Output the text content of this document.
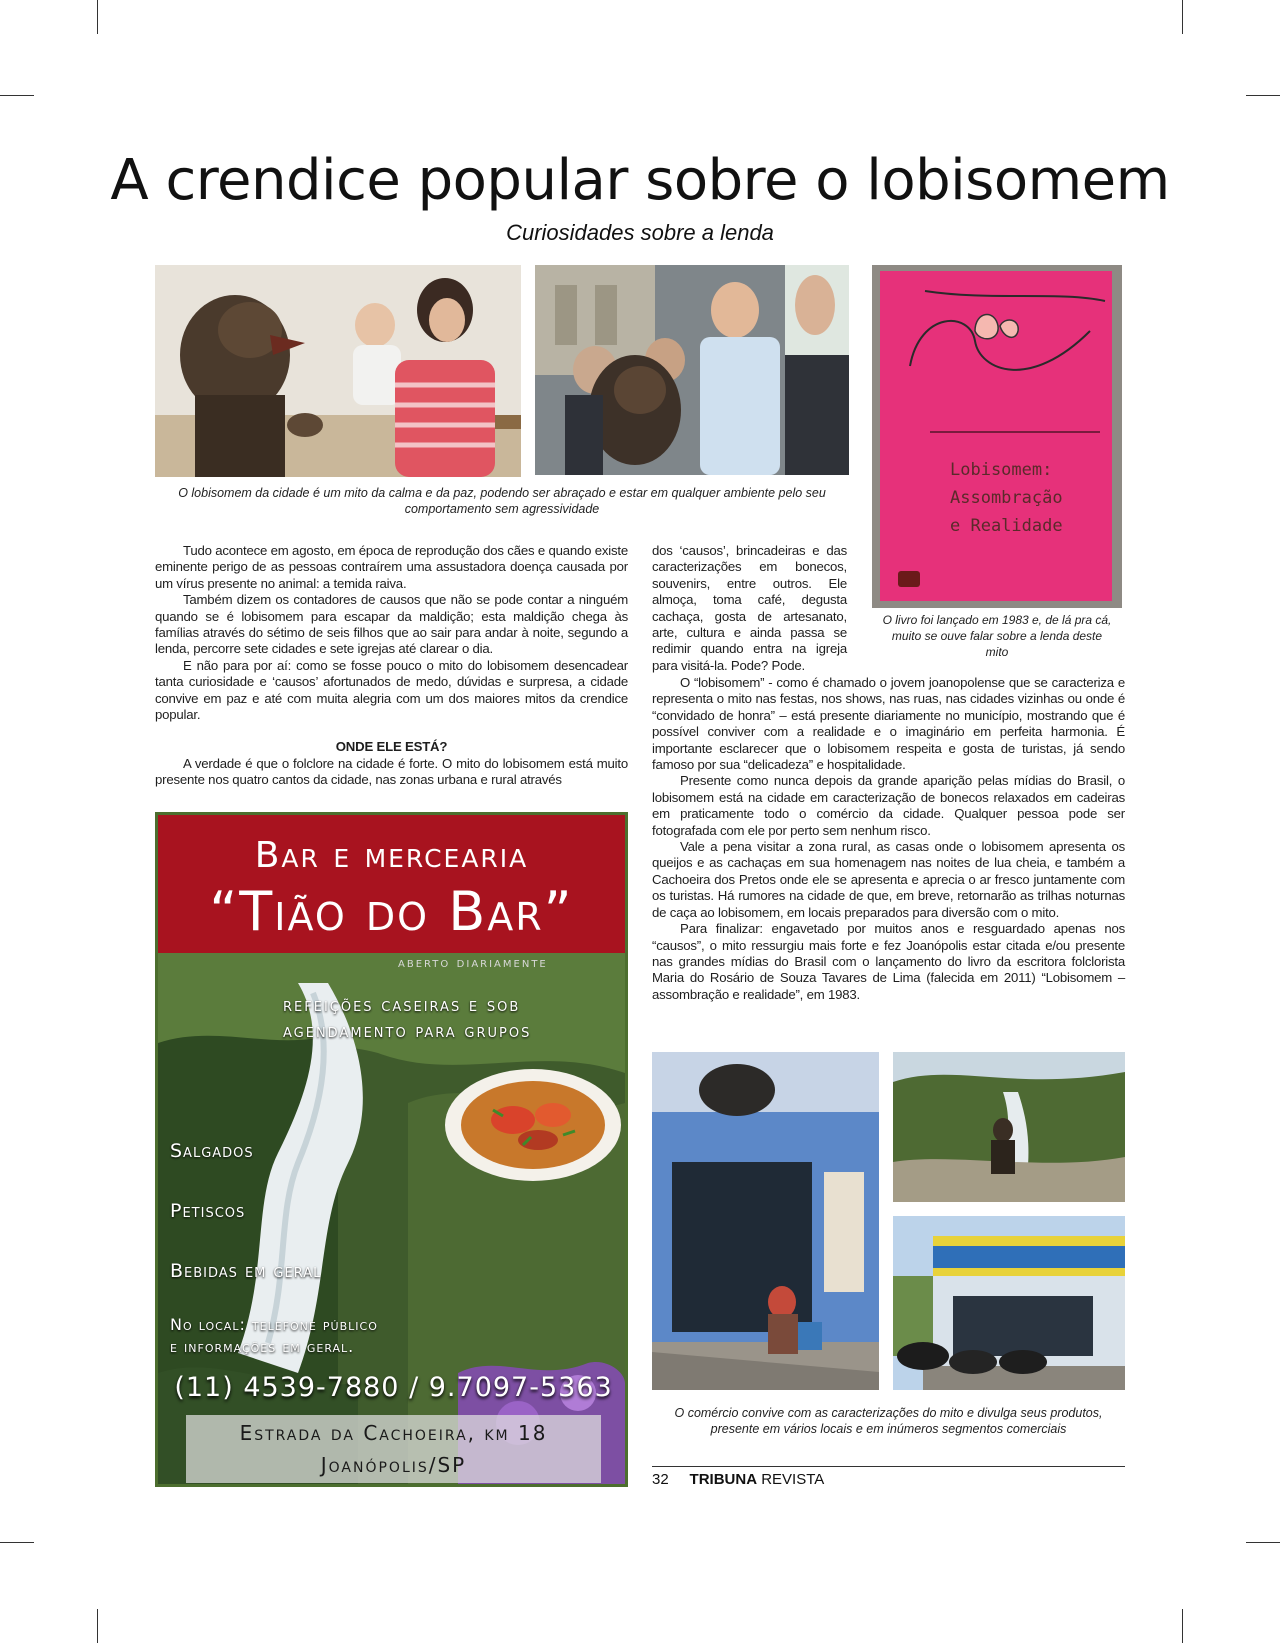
A crendice popular sobre o lobisomem
Curiosidades sobre a lenda
O lobisomem da cidade é um mito da calma e da paz, podendo ser abraçado e estar em qualquer ambiente pelo seu comportamento sem agressividade
Lobisomem:
Assombração
e Realidade
O livro foi lançado em 1983 e, de lá pra cá, muito se ouve falar sobre a lenda deste mito

Tudo acontece em agosto, em época de reprodução dos cães e quando existe eminente perigo de as pessoas contraírem uma assustadora doença causada por um vírus presente no animal: a temida raiva.

Também dizem os contadores de causos que não se pode contar a ninguém quando se é lobisomem para escapar da maldição; esta maldição chega às famílias através do sétimo de seis filhos que ao sair para andar à noite, segundo a lenda, percorre sete cidades e sete igrejas até clarear o dia.

E não para por aí: como se fosse pouco o mito do lobisomem desencadear tanta curiosidade e ‘causos’ afortunados de medo, dúvidas e surpresa, a cidade convive em paz e até com muita alegria com um dos maiores mitos da crendice popular.

ONDE ELE ESTÁ?

A verdade é que o folclore na cidade é forte. O mito do lobisomem está muito presente nos quatro cantos da cidade, nas zonas urbana e rural através

dos ‘causos’, brincadeiras e das caracterizações em bonecos, souvenirs, entre outros. Ele almoça, toma café, degusta cachaça, gosta de artesanato, arte, cultura e ainda passa se redimir quando entra na igreja para visitá-la. Pode? Pode.

O “lobisomem” - como é chamado o jovem joanopolense que se caracteriza e representa o mito nas festas, nos shows, nas ruas, nas cidades vizinhas ou onde é “convidado de honra” – está presente diariamente no município, mostrando que é possível conviver com a realidade e o imaginário em perfeita harmonia. É importante esclarecer que o lobisomem respeita e gosta de turistas, já sendo famoso por sua “delicadeza” e hospitalidade.

Presente como nunca depois da grande aparição pelas mídias do Brasil, o lobisomem está na cidade em caracterização de bonecos relaxados em cadeiras em praticamente todo o comércio da cidade. Qualquer pessoa pode ser fotografada com ele por perto sem nenhum risco.

Vale a pena visitar a zona rural, as casas onde o lobisomem apresenta os queijos e as cachaças em sua homenagem nas noites de lua cheia, e também a Cachoeira dos Pretos onde ele se apresenta e aprecia o ar fresco juntamente com os turistas. Há rumores na cidade de que, em breve, retornarão as trilhas noturnas de caça ao lobisomem, em locais preparados para diversão com o mito.

Para finalizar: engavetado por muitos anos e resguardado apenas nos “causos”, o mito ressurgiu mais forte e fez Joanópolis estar citada e/ou presente nas grandes mídias do Brasil com o lançamento do livro da escritora folclorista Maria do Rosário de Souza Tavares de Lima (falecida em 2011) “Lobisomem – assombração e realidade”, em 1983.

Bar e mercearia
“Tião do Bar”
aberto diariamente
refeições caseiras e sob
agendamento para grupos
Salgados
Petiscos
Bebidas em geral
No local: telefone público
e informações em geral.
(11) 4539-7880 / 9.7097-5363
Estrada da Cachoeira, km 18
Joanópolis/SP
O comércio convive com as caracterizações do mito e divulga seus produtos, presente em vários locais e em inúmeros segmentos comerciais
32 TRIBUNA REVISTA
